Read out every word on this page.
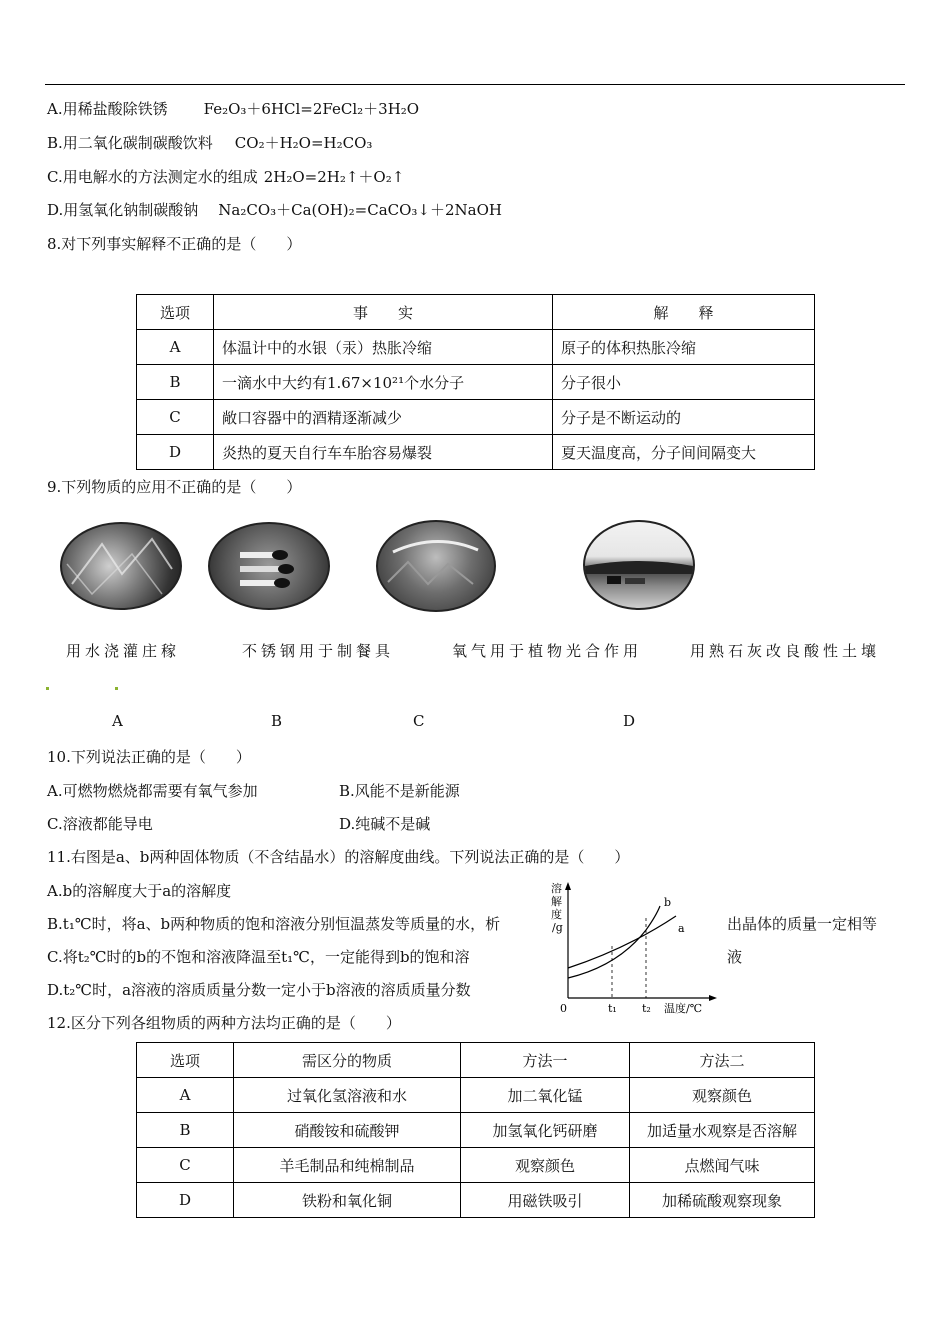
A.用稀盐酸除铁锈 Fe₂O₃＋6HCl=2FeCl₂＋3H₂O
B.用二氧化碳制碳酸饮料 CO₂＋H₂O=H₂CO₃
C.用电解水的方法测定水的组成 2H₂O=2H₂↑＋O₂↑
D.用氢氧化钠制碳酸钠 Na₂CO₃＋Ca(OH)₂=CaCO₃↓＋2NaOH
8.对下列事实解释不正确的是（　　）
选项	事　　实	解　　释
A	体温计中的水银（汞）热胀冷缩	原子的体积热胀冷缩
B	一滴水中大约有1.67×10²¹个水分子	分子很小
C	敞口容器中的酒精逐渐减少	分子是不断运动的
D	炎热的夏天自行车车胎容易爆裂	夏天温度高，分子间间隔变大
9.下列物质的应用不正确的是（　　）
用水浇灌庄稼	不锈钢用于制餐具	氧气用于植物光合作用	用熟石灰改良酸性土壤
A	B	C	D
10.下列说法正确的是（　　）
A.可燃物燃烧都需要有氧气参加	B.风能不是新能源
C.溶液都能导电	D.纯碱不是碱
11.右图是a、b两种固体物质（不含结晶水）的溶解度曲线。下列说法正确的是（　　）
A.b的溶解度大于a的溶解度
B.t₁℃时，将a、b两种物质的饱和溶液分别恒温蒸发等质量的水，析	出晶体的质量一定相等
C.将t₂℃时的b的不饱和溶液降温至t₁℃，一定能得到b的饱和溶	液
D.t₂℃时，a溶液的溶质质量分数一定小于b溶液的溶质质量分数
溶解度/g
0	t₁ t₂ 温度/℃
a
b
12.区分下列各组物质的两种方法均正确的是（　　）
选项	需区分的物质	方法一	方法二
A	过氧化氢溶液和水	加二氧化锰	观察颜色
B	硝酸铵和硫酸钾	加氢氧化钙研磨	加适量水观察是否溶解
C	羊毛制品和纯棉制品	观察颜色	点燃闻气味
D	铁粉和氧化铜	用磁铁吸引	加稀硫酸观察现象
